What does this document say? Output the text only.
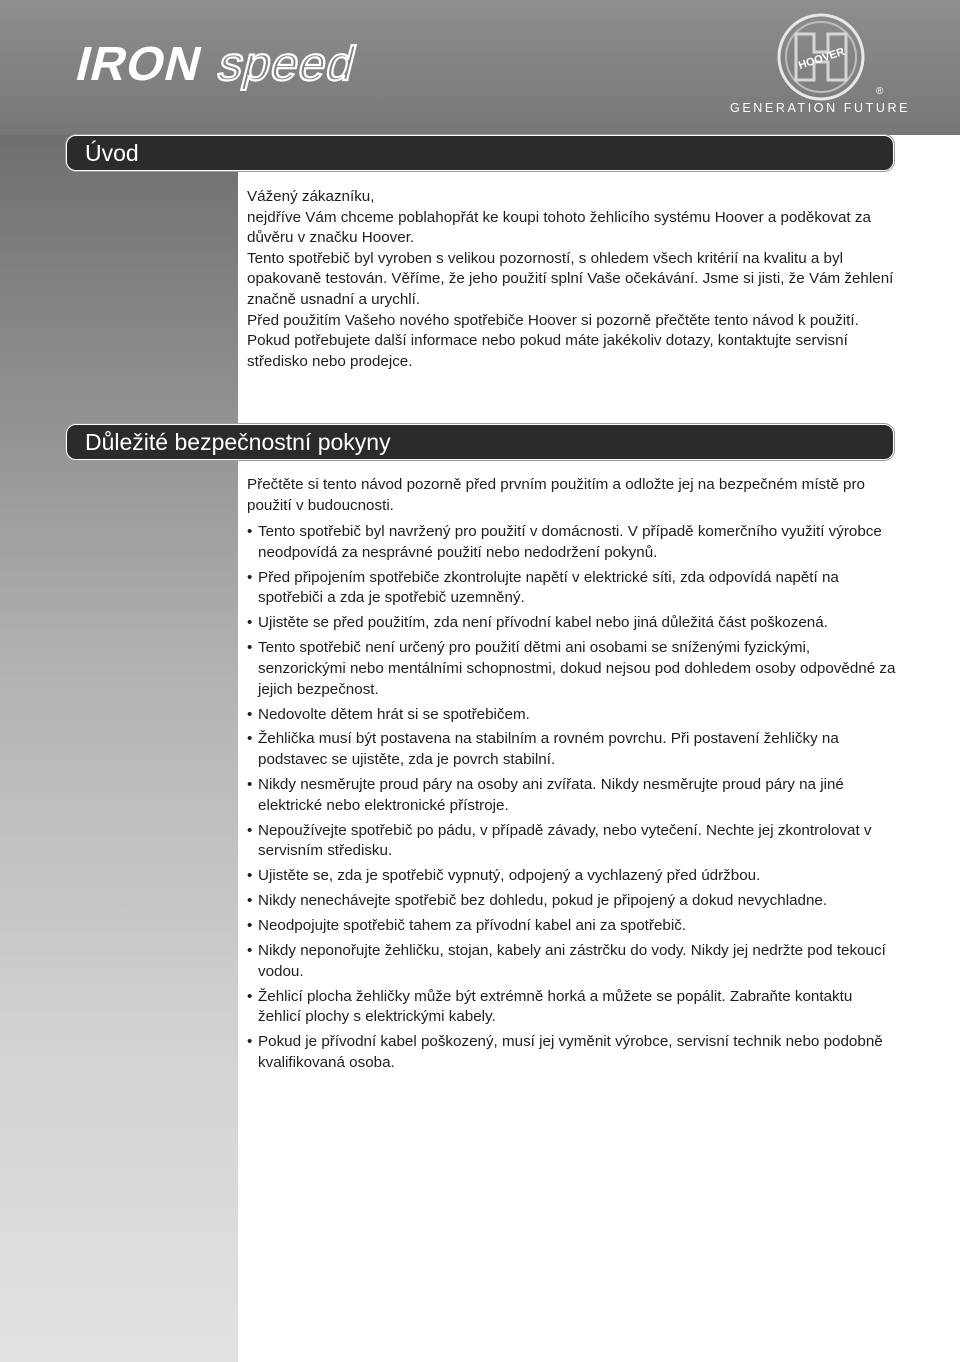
IRON speed	HOOVER
®
GENERATION FUTURE
Úvod

Vážený zákazníku,

nejdříve Vám chceme poblahopřát ke koupi tohoto žehlicího systému Hoover a poděkovat za důvěru v značku Hoover.

Tento spotřebič byl vyroben s velikou pozorností, s ohledem všech kritérií na kvalitu a byl opakovaně testován. Věříme, že jeho použití splní Vaše očekávání. Jsme si jisti, že Vám žehlení značně usnadní a urychlí.

Před použitím Vašeho nového spotřebiče Hoover si pozorně přečtěte tento návod k použití. Pokud potřebujete další informace nebo pokud máte jakékoliv dotazy, kontaktujte servisní středisko nebo prodejce.

Důležité bezpečnostní pokyny

Přečtěte si tento návod pozorně před prvním použitím a odložte jej na bezpečném místě pro použití v budoucnosti.

• Tento spotřebič byl navržený pro použití v domácnosti. V případě komerčního využití výrobce neodpovídá za nesprávné použití nebo nedodržení pokynů.
• Před připojením spotřebiče zkontrolujte napětí v elektrické síti, zda odpovídá napětí na spotřebiči a zda je spotřebič uzemněný.
• Ujistěte se před použitím, zda není přívodní kabel nebo jiná důležitá část poškozená.
• Tento spotřebič není určený pro použití dětmi ani osobami se sníženými fyzickými, senzorickými nebo mentálními schopnostmi, dokud nejsou pod dohledem osoby odpovědné za jejich bezpečnost.
• Nedovolte dětem hrát si se spotřebičem.
• Žehlička musí být postavena na stabilním a rovném povrchu. Při postavení žehličky na podstavec se ujistěte, zda je povrch stabilní.
• Nikdy nesměrujte proud páry na osoby ani zvířata. Nikdy nesměrujte proud páry na jiné elektrické nebo elektronické přístroje.
• Nepoužívejte spotřebič po pádu, v případě závady, nebo vytečení. Nechte jej zkontrolovat v servisním středisku.
• Ujistěte se, zda je spotřebič vypnutý, odpojený a vychlazený před údržbou.
• Nikdy nenechávejte spotřebič bez dohledu, pokud je připojený a dokud nevychladne.
• Neodpojujte spotřebič tahem za přívodní kabel ani za spotřebič.
• Nikdy neponořujte žehličku, stojan, kabely ani zástrčku do vody. Nikdy jej nedržte pod tekoucí vodou.
• Žehlicí plocha žehličky může být extrémně horká a můžete se popálit. Zabraňte kontaktu žehlicí plochy s elektrickými kabely.
• Pokud je přívodní kabel poškozený, musí jej vyměnit výrobce, servisní technik nebo podobně kvalifikovaná osoba.
